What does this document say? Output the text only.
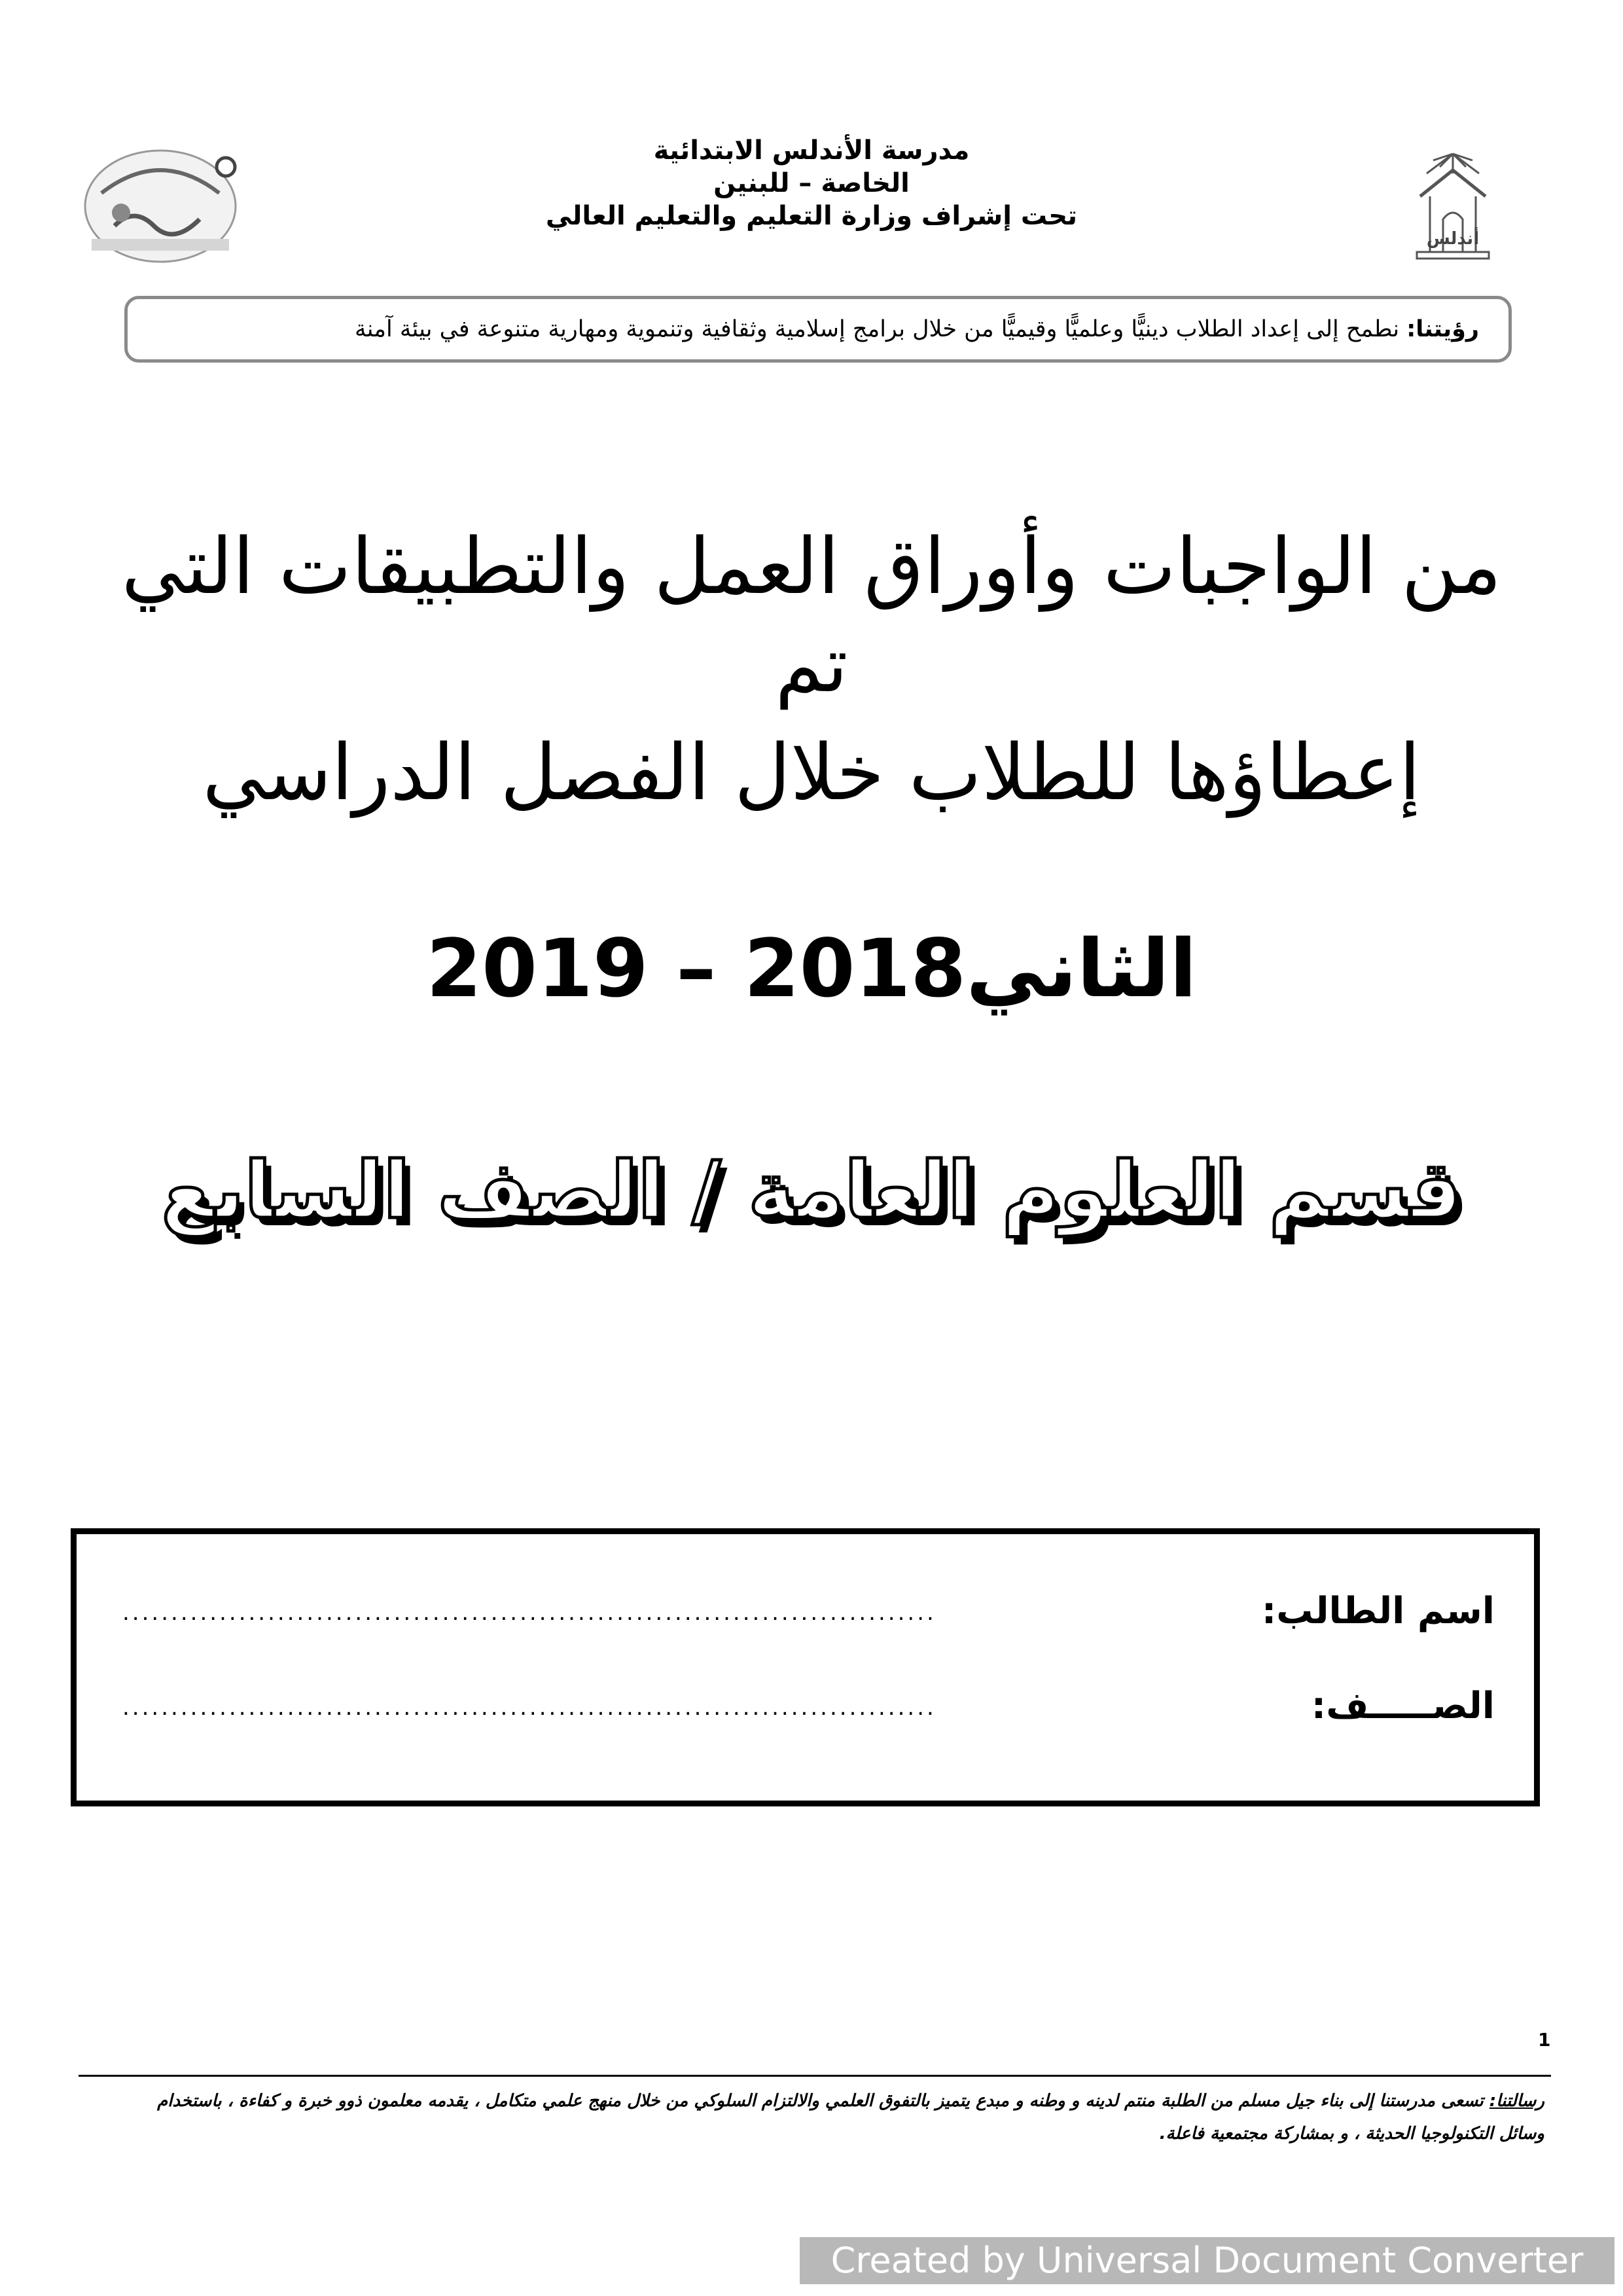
مدرسة الأندلس الابتدائية
الخاصة – للبنين
تحت إشراف وزارة التعليم والتعليم العالي
أندلس
رؤيتنا: نطمح إلى إعداد الطلاب دينيًّا وعلميًّا وقيميًّا من خلال برامج إسلامية وثقافية وتنموية ومهارية متنوعة في بيئة آمنة
من الواجبات وأوراق العمل والتطبيقات التي تم
إعطاؤها للطلاب خلال الفصل الدراسي
الثاني2018 – 2019
قسم العلوم العامة / الصف السابع
اسم الطالب:
....................................................................................
الصـــــف:
....................................................................................
1
رسالتنا: تسعى مدرستنا إلى بناء جيل مسلم من الطلبة منتم لدينه و وطنه و مبدع يتميز بالتفوق العلمي والالتزام السلوكي من خلال منهج علمي متكامل ، يقدمه معلمون ذوو خبرة و كفاءة ، باستخدام وسائل التكنولوجيا الحديثة ، و بمشاركة مجتمعية فاعلة.
Created by Universal Document Converter
